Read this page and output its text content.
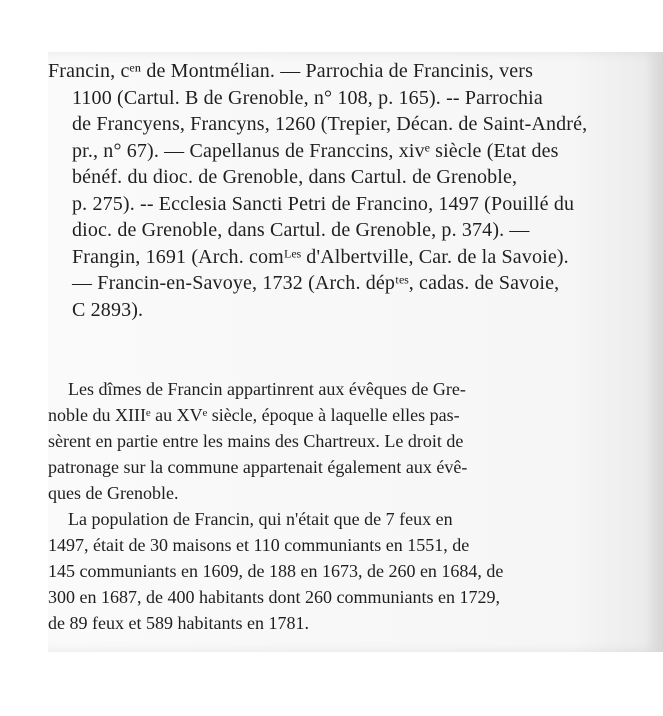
Francin, cᵉⁿ de Montmélian. — Parrochia de Francinis, vers
1100 (Cartul. B de Grenoble, n° 108, p. 165). -- Parrochia
de Francyens, Francyns, 1260 (Trepier, Décan. de Saint-André,
pr., n° 67). — Capellanus de Franccins, xivᵉ siècle (Etat des
bénéf. du dioc. de Grenoble, dans Cartul. de Grenoble,
p. 275). -- Ecclesia Sancti Petri de Francino, 1497 (Pouillé du
dioc. de Grenoble, dans Cartul. de Grenoble, p. 374). —
Frangin, 1691 (Arch. comᴸᵉˢ d'Albertville, Car. de la Savoie).
— Francin-en-Savoye, 1732 (Arch. dépᵗᵉˢ, cadas. de Savoie,
C 2893).
Les dîmes de Francin appartinrent aux évêques de Gre-
noble du XIIIᵉ au XVᵉ siècle, époque à laquelle elles pas-
sèrent en partie entre les mains des Chartreux. Le droit de
patronage sur la commune appartenait également aux évê-
ques de Grenoble.
La population de Francin, qui n'était que de 7 feux en
1497, était de 30 maisons et 110 communiants en 1551, de
145 communiants en 1609, de 188 en 1673, de 260 en 1684, de
300 en 1687, de 400 habitants dont 260 communiants en 1729,
de 89 feux et 589 habitants en 1781.
